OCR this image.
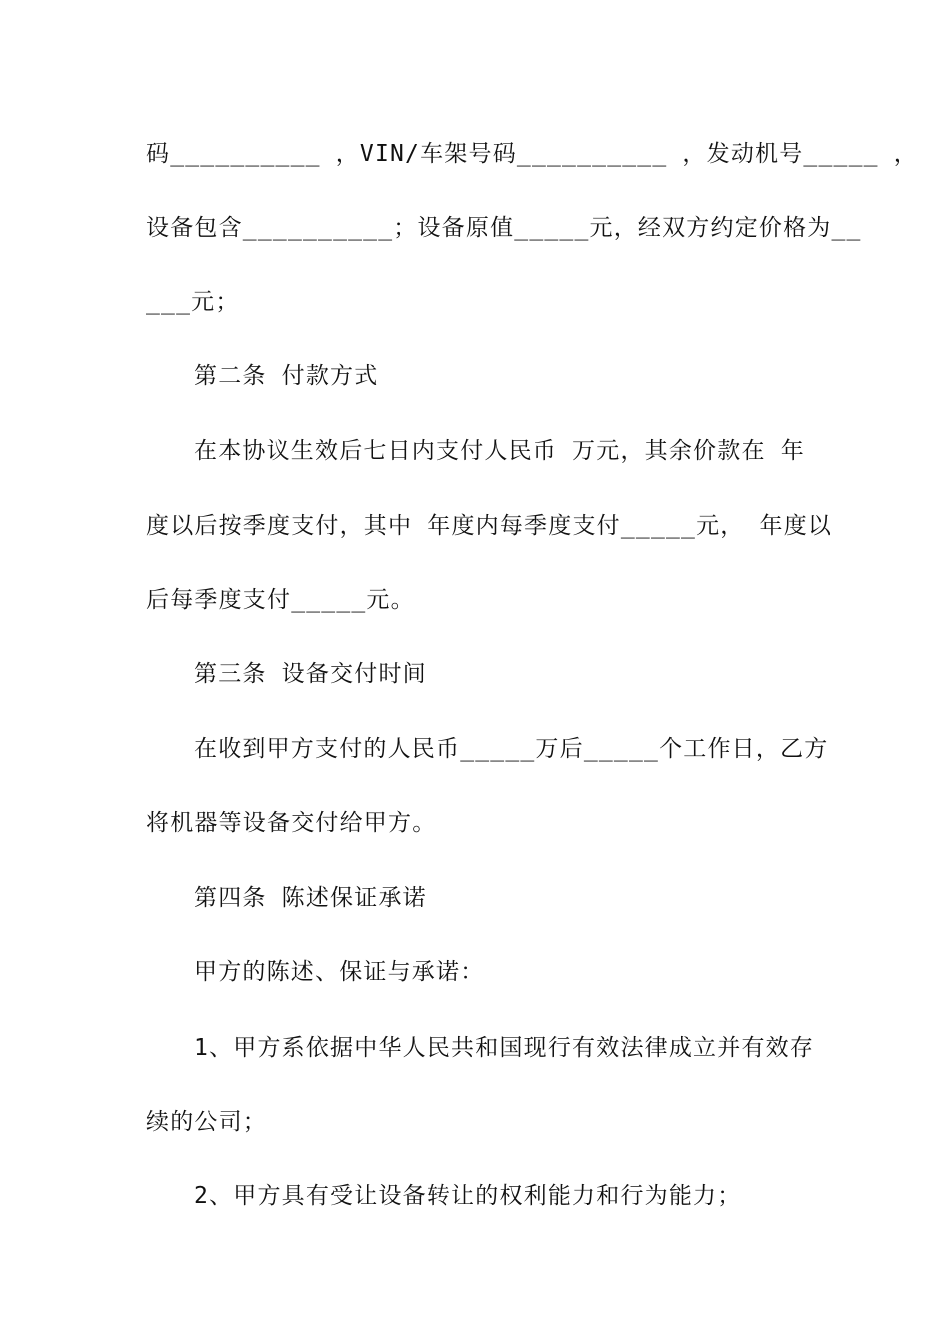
码__________ ，VIN/车架号码__________ ，发动机号_____ ，
设备包含__________；设备原值_____元，经双方约定价格为__
___元；
第二条 付款方式
在本协议生效后七日内支付人民币 万元，其余价款在 年
度以后按季度支付，其中 年度内每季度支付_____元， 年度以
后每季度支付_____元。
第三条 设备交付时间
在收到甲方支付的人民币_____万后_____个工作日，乙方
将机器等设备交付给甲方。
第四条 陈述保证承诺
甲方的陈述、保证与承诺：
1、甲方系依据中华人民共和国现行有效法律成立并有效存
续的公司；
2、甲方具有受让设备转让的权利能力和行为能力；
